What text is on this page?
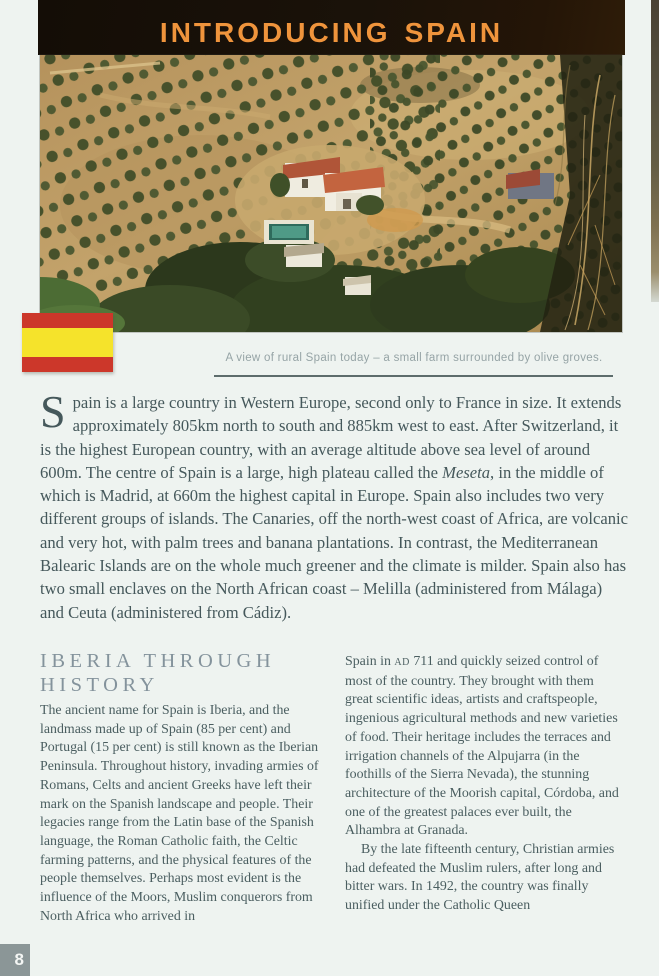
introducing spain
A view of rural Spain today – a small farm surrounded by olive groves.
Spain is a large country in Western Europe, second only to France in size. It extends approximately 805km north to south and 885km west to east. After Switzerland, it is the highest European country, with an average altitude above sea level of around 600m. The centre of Spain is a large, high plateau called the Meseta, in the middle of which is Madrid, at 660m the highest capital in Europe. Spain also includes two very different groups of islands. The Canaries, off the north-west coast of Africa, are volcanic and very hot, with palm trees and banana plantations. In contrast, the Mediterranean Balearic Islands are on the whole much greener and the climate is milder. Spain also has two small enclaves on the North African coast – Melilla (administered from Málaga) and Ceuta (administered from Cádiz).
IBERIA THROUGH
HISTORY

The ancient name for Spain is Iberia, and the landmass made up of Spain (85 per cent) and Portugal (15 per cent) is still known as the Iberian Peninsula. Throughout history, invading armies of Romans, Celts and ancient Greeks have left their mark on the Spanish landscape and people. Their legacies range from the Latin base of the Spanish language, the Roman Catholic faith, the Celtic farming patterns, and the physical features of the people themselves. Perhaps most evident is the influence of the Moors, Muslim conquerors from North Africa who arrived in

Spain in AD 711 and quickly seized control of most of the country. They brought with them great scientific ideas, artists and craftspeople, ingenious agricultural methods and new varieties of food. Their heritage includes the terraces and irrigation channels of the Alpujarra (in the foothills of the Sierra Nevada), the stunning architecture of the Moorish capital, Córdoba, and one of the greatest palaces ever built, the Alhambra at Granada.

By the late fifteenth century, Christian armies had defeated the Muslim rulers, after long and bitter wars. In 1492, the country was finally unified under the Catholic Queen

8
